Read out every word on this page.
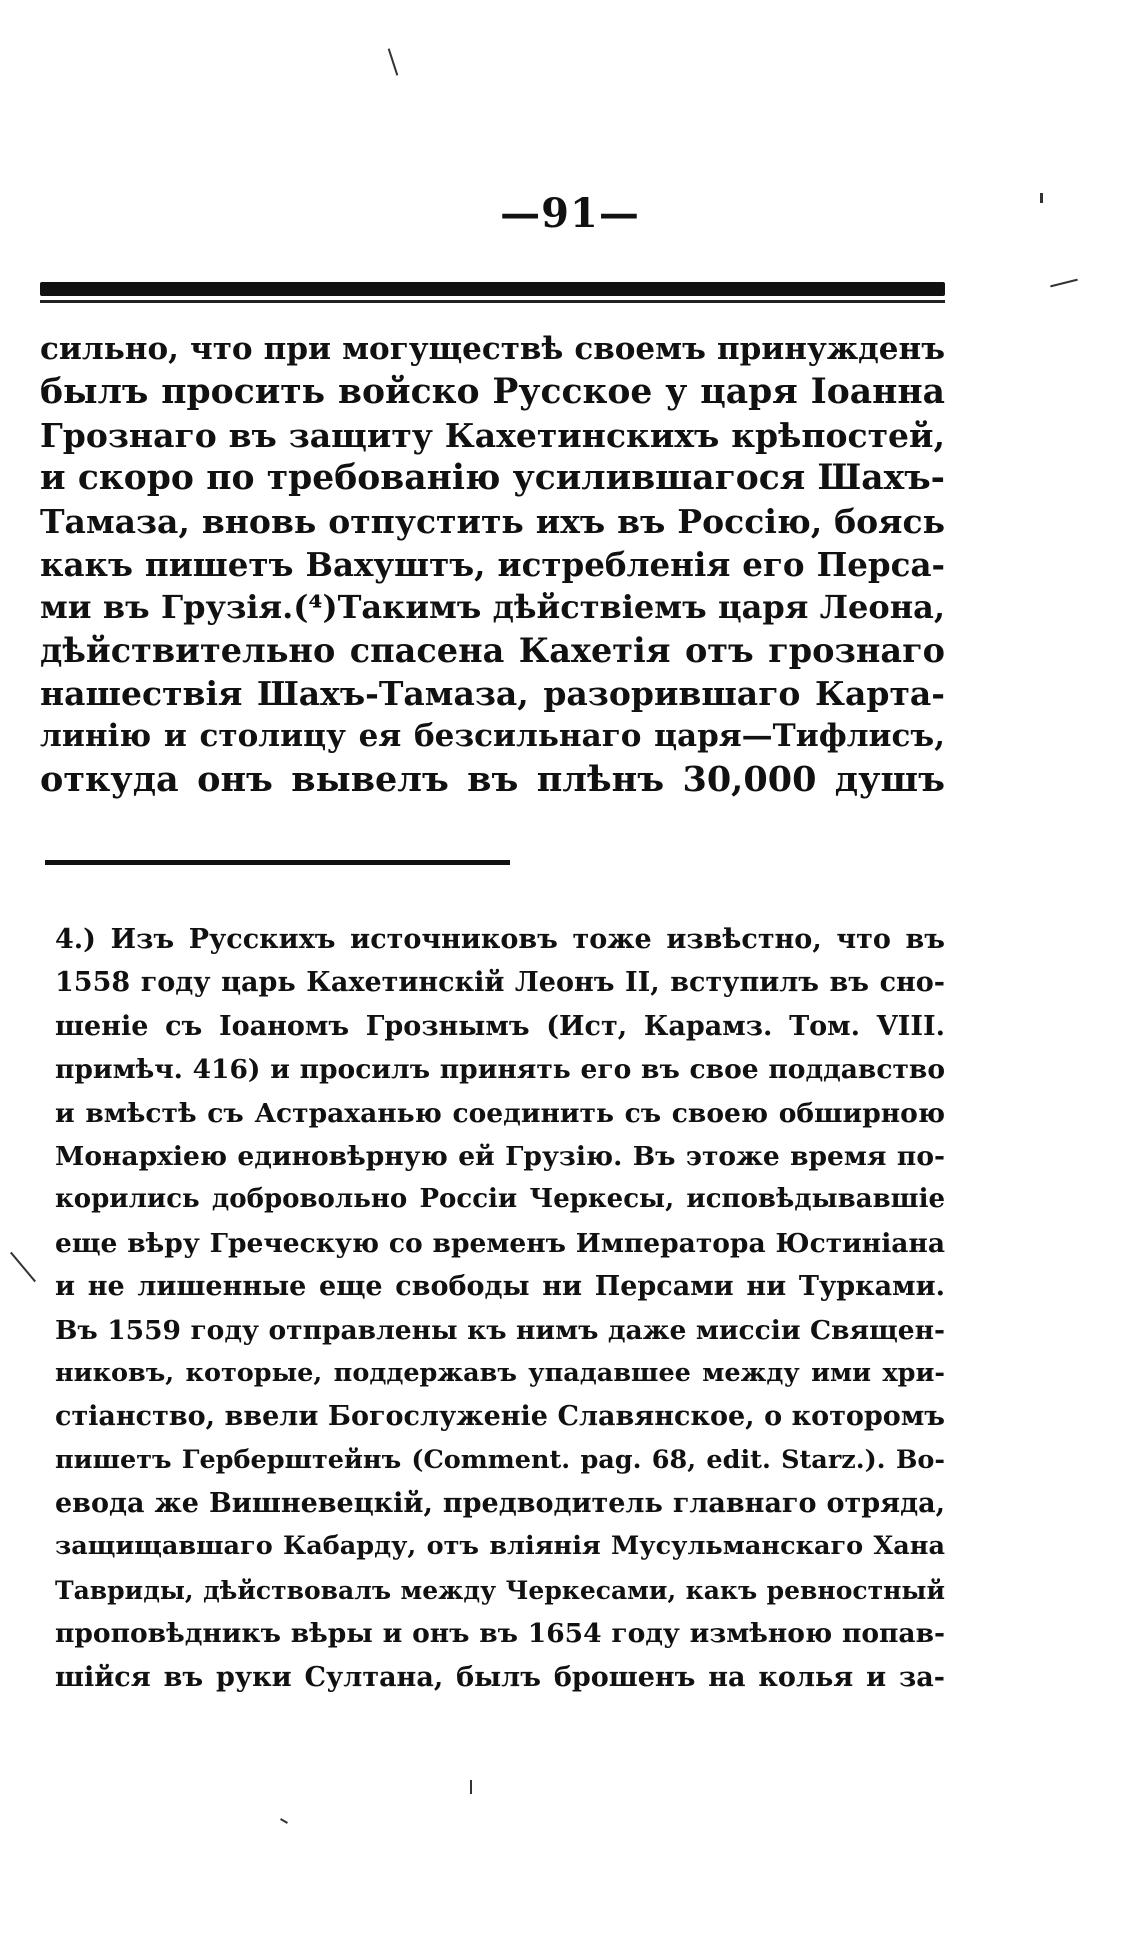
—91—
сильно, что при могуществѣ своемъ принужденъ
былъ просить войско Русское у царя Іоанна
Грознаго въ защиту Кахетинскихъ крѣпостей,
и скоро по требованію усилившагося Шахъ-
Тамаза, вновь отпустить ихъ въ Россію, боясь
какъ пишетъ Вахуштъ, истребленія его Перса-
ми въ Грузія.(⁴)Такимъ дѣйствіемъ царя Леона,
дѣйствительно спасена Кахетія отъ грознаго
нашествія Шахъ-Тамаза, разорившаго Карта-
линію и столицу ея безсильнаго царя—Тифлисъ,
откуда онъ вывелъ въ плѣнъ 30,000 душъ
4.) Изъ Русскихъ источниковъ тоже извѣстно, что въ
1558 году царь Кахетинскій Леонъ II, вступилъ въ сно-
шеніе съ Іоаномъ Грознымъ (Ист, Карамз. Том. VIII.
примѣч. 416) и просилъ принять его въ свое поддавство
и вмѣстѣ съ Астраханью соединить съ своею обширною
Монархіею единовѣрную ей Грузію. Въ этоже время по-
корились добровольно Россіи Черкесы, исповѣдывавшіе
еще вѣру Греческую со временъ Императора Юстиніана
и не лишенные еще свободы ни Персами ни Турками.
Въ 1559 году отправлены къ нимъ даже миссіи Священ-
никовъ, которые, поддержавъ упадавшее между ими хри-
стіанство, ввели Богослуженіе Славянское, о которомъ
пишетъ Герберштейнъ (Comment. pag. 68, edit. Starz.). Во-
евода же Вишневецкій, предводитель главнаго отряда,
защищавшаго Кабарду, отъ вліянія Мусульманскаго Хана
Тавриды, дѣйствовалъ между Черкесами, какъ ревностный
проповѣдникъ вѣры и онъ въ 1654 году измѣною попав-
шійся въ руки Султана, былъ брошенъ на колья и за-
